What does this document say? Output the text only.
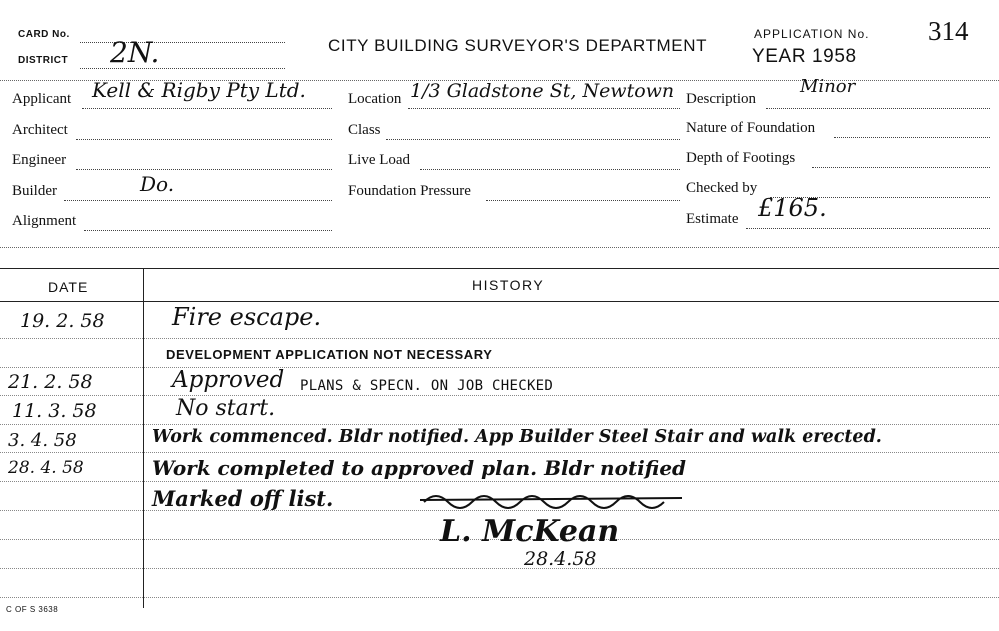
CARD No.
DISTRICT 2N.	CITY BUILDING SURVEYOR'S DEPARTMENT
APPLICATION No. 314
YEAR 1958
Applicant Kell & Rigby Pty Ltd.
Architect
Engineer
Builder	Do.
Alignment
Location 1/3 Gladstone St, Newtown
Class
Live Load
Foundation Pressure
Description
Minor
Nature of Foundation
Depth of Footings
Checked by
Estimate £165.
DATE	HISTORY
19. 2. 58	Fire escape.
DEVELOPMENT APPLICATION NOT NECESSARY
21. 2. 58	Approved PLANS & SPECN. ON JOB CHECKED
11. 3. 58	No start.
3. 4. 58	Work commenced. Bldr notified. App Builder Steel Stair and walk erected.
28. 4. 58	Work completed to approved plan. Bldr notified
Marked off list.
L. McKean
28.4.58
C OF S 3638
